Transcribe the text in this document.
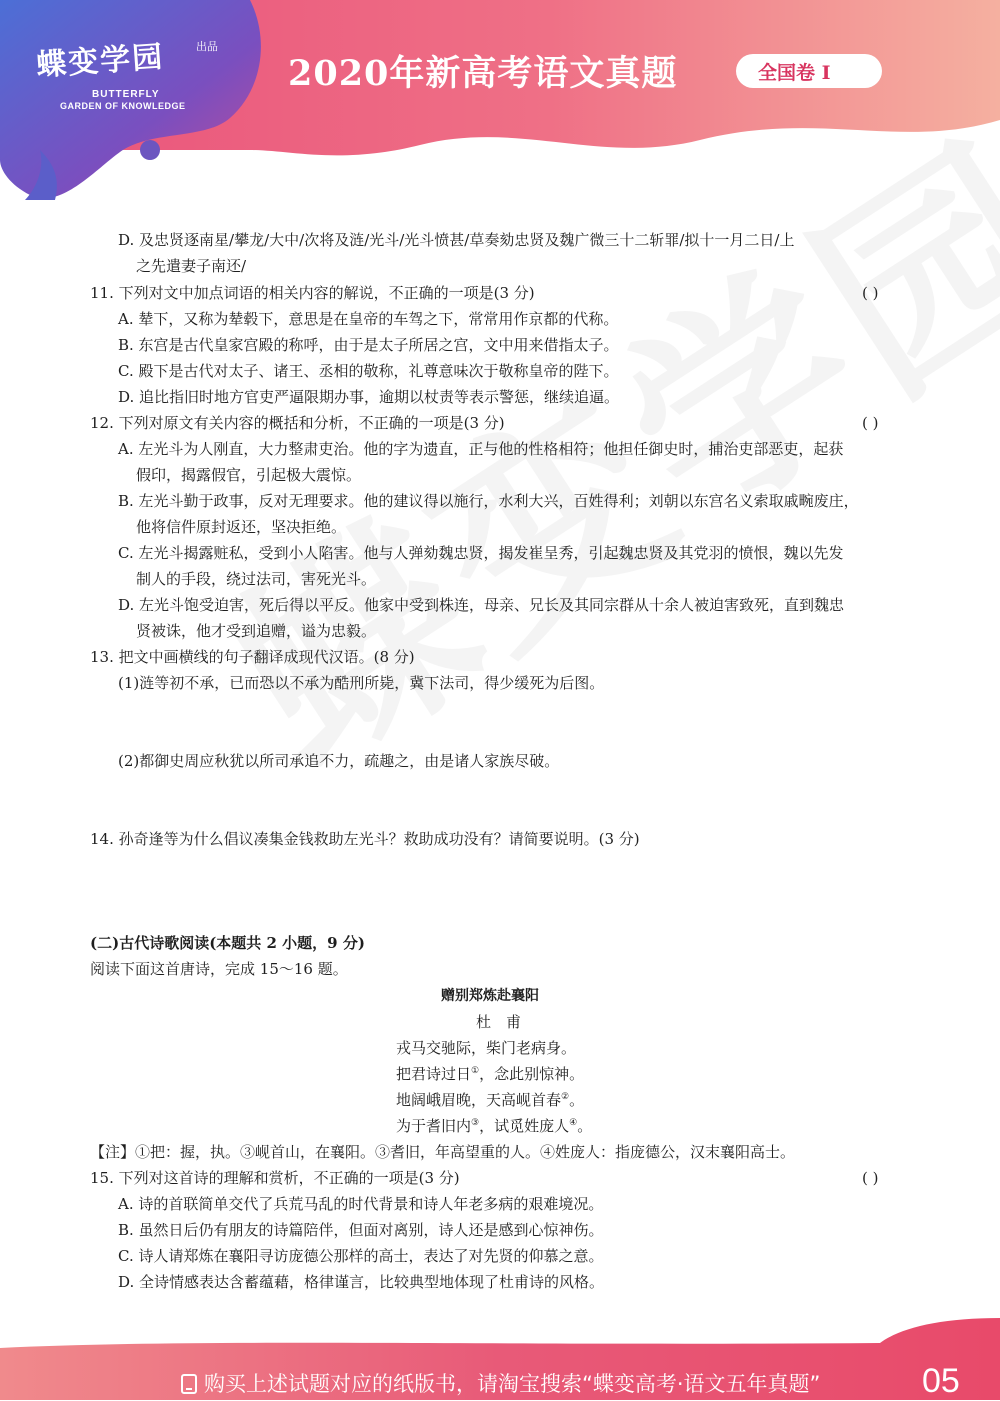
蝶变学园	出品
BUTTERFLY
GARDEN OF KNOWLEDGE
2020年新高考语文真题	全国卷 I
D. 及忠贤逐南星/攀龙/大中/次将及涟/光斗/光斗愤甚/草奏劾忠贤及魏广微三十二斩罪/拟十一月二日/上
之先遣妻子南还/
11. 下列对文中加点词语的相关内容的解说，不正确的一项是(3 分)	( )
A. 辇下，又称为辇毂下，意思是在皇帝的车驾之下，常常用作京都的代称。
B. 东宫是古代皇家宫殿的称呼，由于是太子所居之宫，文中用来借指太子。
C. 殿下是古代对太子、诸王、丞相的敬称，礼尊意味次于敬称皇帝的陛下。
D. 追比指旧时地方官吏严逼限期办事，逾期以杖责等表示警惩，继续追逼。
12. 下列对原文有关内容的概括和分析，不正确的一项是(3 分)	( )
A. 左光斗为人刚直，大力整肃吏治。他的字为遗直，正与他的性格相符；他担任御史时，捕治吏部恶吏，起获
假印，揭露假官，引起极大震惊。
B. 左光斗勤于政事，反对无理要求。他的建议得以施行，水利大兴，百姓得利；刘朝以东宫名义索取戚畹废庄，
他将信件原封返还，坚决拒绝。
C. 左光斗揭露赃私，受到小人陷害。他与人弹劾魏忠贤，揭发崔呈秀，引起魏忠贤及其党羽的愤恨，魏以先发
制人的手段，绕过法司，害死光斗。
D. 左光斗饱受迫害，死后得以平反。他家中受到株连，母亲、兄长及其同宗群从十余人被迫害致死，直到魏忠
贤被诛，他才受到追赠，谥为忠毅。
13. 把文中画横线的句子翻译成现代汉语。(8 分)
(1)涟等初不承，已而恐以不承为酷刑所毙，冀下法司，得少缓死为后图。
(2)都御史周应秋犹以所司承追不力，疏趣之，由是诸人家族尽破。
14. 孙奇逢等为什么倡议凑集金钱救助左光斗？救助成功没有？请简要说明。(3 分)
(二)古代诗歌阅读(本题共 2 小题，9 分)
阅读下面这首唐诗，完成 15～16 题。
赠别郑炼赴襄阳
杜　甫
戎马交驰际，柴门老病身。
把君诗过日①，念此别惊神。
地阔峨眉晚，天高岘首春②。
为于耆旧内③，试觅姓庞人④。
【注】①把：握，执。③岘首山，在襄阳。③耆旧，年高望重的人。④姓庞人：指庞德公，汉末襄阳高士。
15. 下列对这首诗的理解和赏析，不正确的一项是(3 分)	( )
A. 诗的首联简单交代了兵荒马乱的时代背景和诗人年老多病的艰难境况。
B. 虽然日后仍有朋友的诗篇陪伴，但面对离别，诗人还是感到心惊神伤。
C. 诗人请郑炼在襄阳寻访庞德公那样的高士，表达了对先贤的仰慕之意。
D. 全诗情感表达含蓄蕴藉，格律谨言，比较典型地体现了杜甫诗的风格。
购买上述试题对应的纸版书，请淘宝搜索“蝶变高考·语文五年真题”	05
